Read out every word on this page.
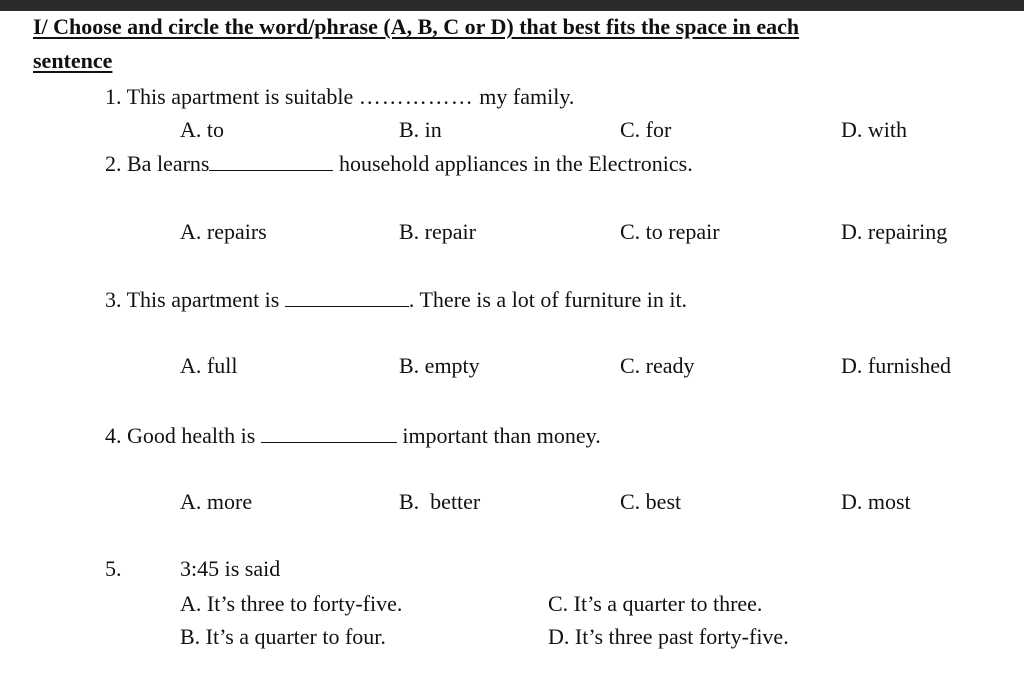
I/ Choose and circle the word/phrase (A, B, C or D) that best fits the space in each
sentence
1. This apartment is suitable …………… my family.
A. to	B. in	C. for	D. with
2. Ba learns	household appliances in the Electronics.
A. repairs	B. repair	C. to repair	D. repairing
3. This apartment is	. There is a lot of furniture in it.
A. full	B. empty	C. ready	D. furnished
4. Good health is	important than money.
A. more	B.  better	C. best	D. most
5.	3:45 is said
A. It’s three to forty-five.
B. It’s a quarter to four.
C. It’s a quarter to three.
D. It’s three past forty-five.
